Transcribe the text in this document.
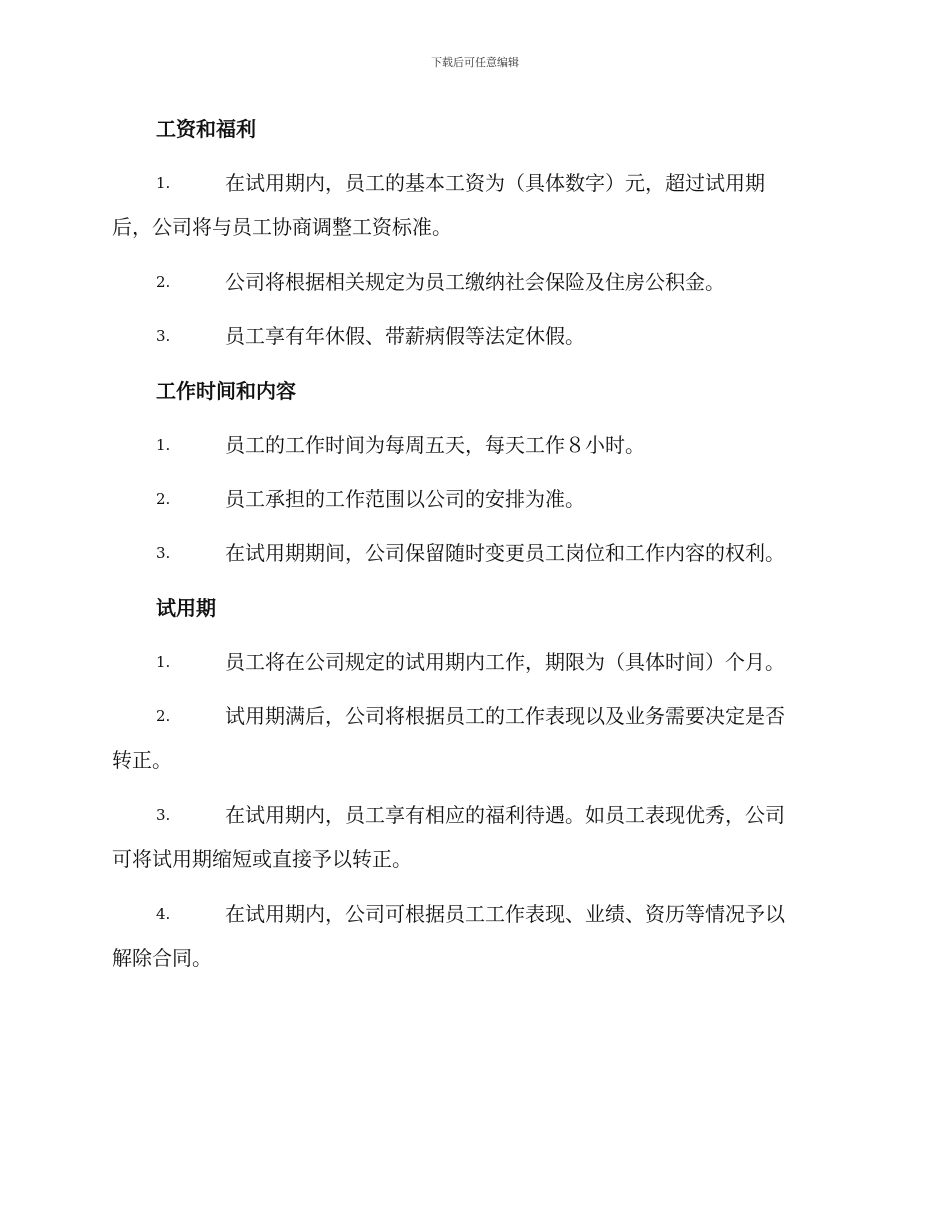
下载后可任意编辑
工资和福利
1.	在试用期内，员工的基本工资为（具体数字）元，超过试用期
后，公司将与员工协商调整工资标准。
2.	公司将根据相关规定为员工缴纳社会保险及住房公积金。
3.	员工享有年休假、带薪病假等法定休假。
工作时间和内容
1.	员工的工作时间为每周五天，每天工作８小时。
2.	员工承担的工作范围以公司的安排为准。
3.	在试用期期间，公司保留随时变更员工岗位和工作内容的权利。
试用期
1.	员工将在公司规定的试用期内工作，期限为（具体时间）个月。
2.	试用期满后，公司将根据员工的工作表现以及业务需要决定是否
转正。
3.	在试用期内，员工享有相应的福利待遇。如员工表现优秀，公司
可将试用期缩短或直接予以转正。
4.	在试用期内，公司可根据员工工作表现、业绩、资历等情况予以
解除合同。
